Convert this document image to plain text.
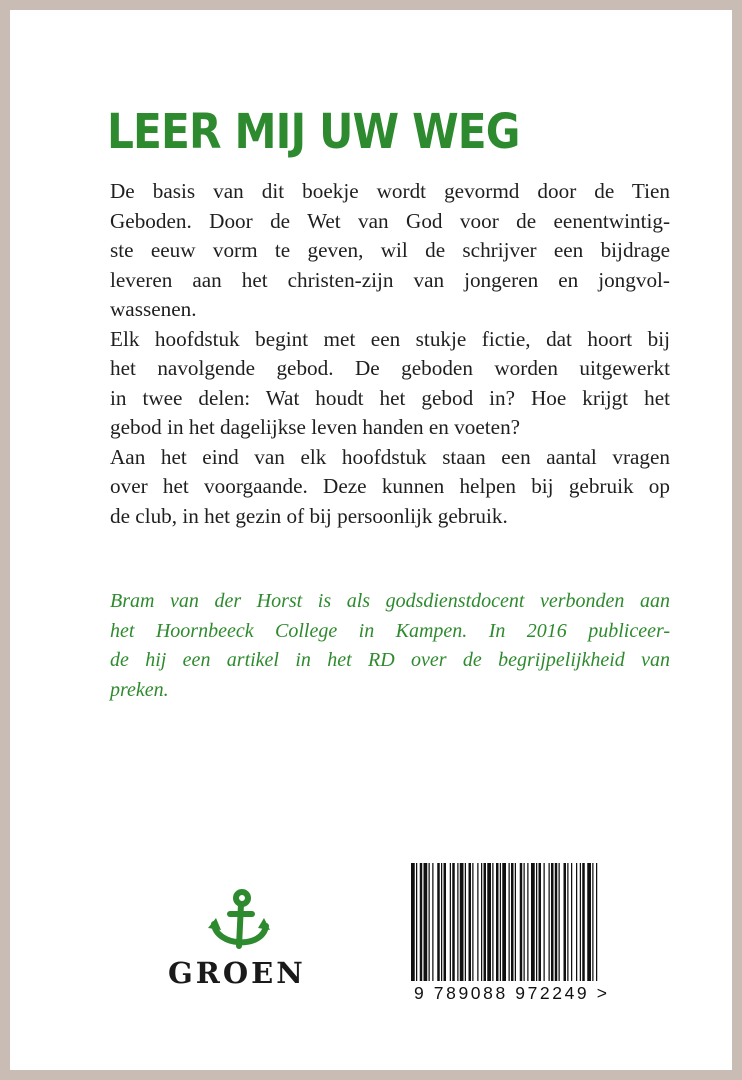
LEER MIJ UW WEG
De basis van dit boekje wordt gevormd door de Tien
Geboden. Door de Wet van God voor de eenentwintig-
ste eeuw vorm te geven, wil de schrijver een bijdrage
leveren aan het christen-zijn van jongeren en jongvol-
wassenen.
Elk hoofdstuk begint met een stukje fictie, dat hoort bij
het navolgende gebod. De geboden worden uitgewerkt
in twee delen: Wat houdt het gebod in? Hoe krijgt het
gebod in het dagelijkse leven handen en voeten?
Aan het eind van elk hoofdstuk staan een aantal vragen
over het voorgaande. Deze kunnen helpen bij gebruik op
de club, in het gezin of bij persoonlijk gebruik.
Bram van der Horst is als godsdienstdocent verbonden aan
het Hoornbeeck College in Kampen. In 2016 publiceer-
de hij een artikel in het RD over de begrijpelijkheid van
preken.
GROEN
9 789088 972249 >
